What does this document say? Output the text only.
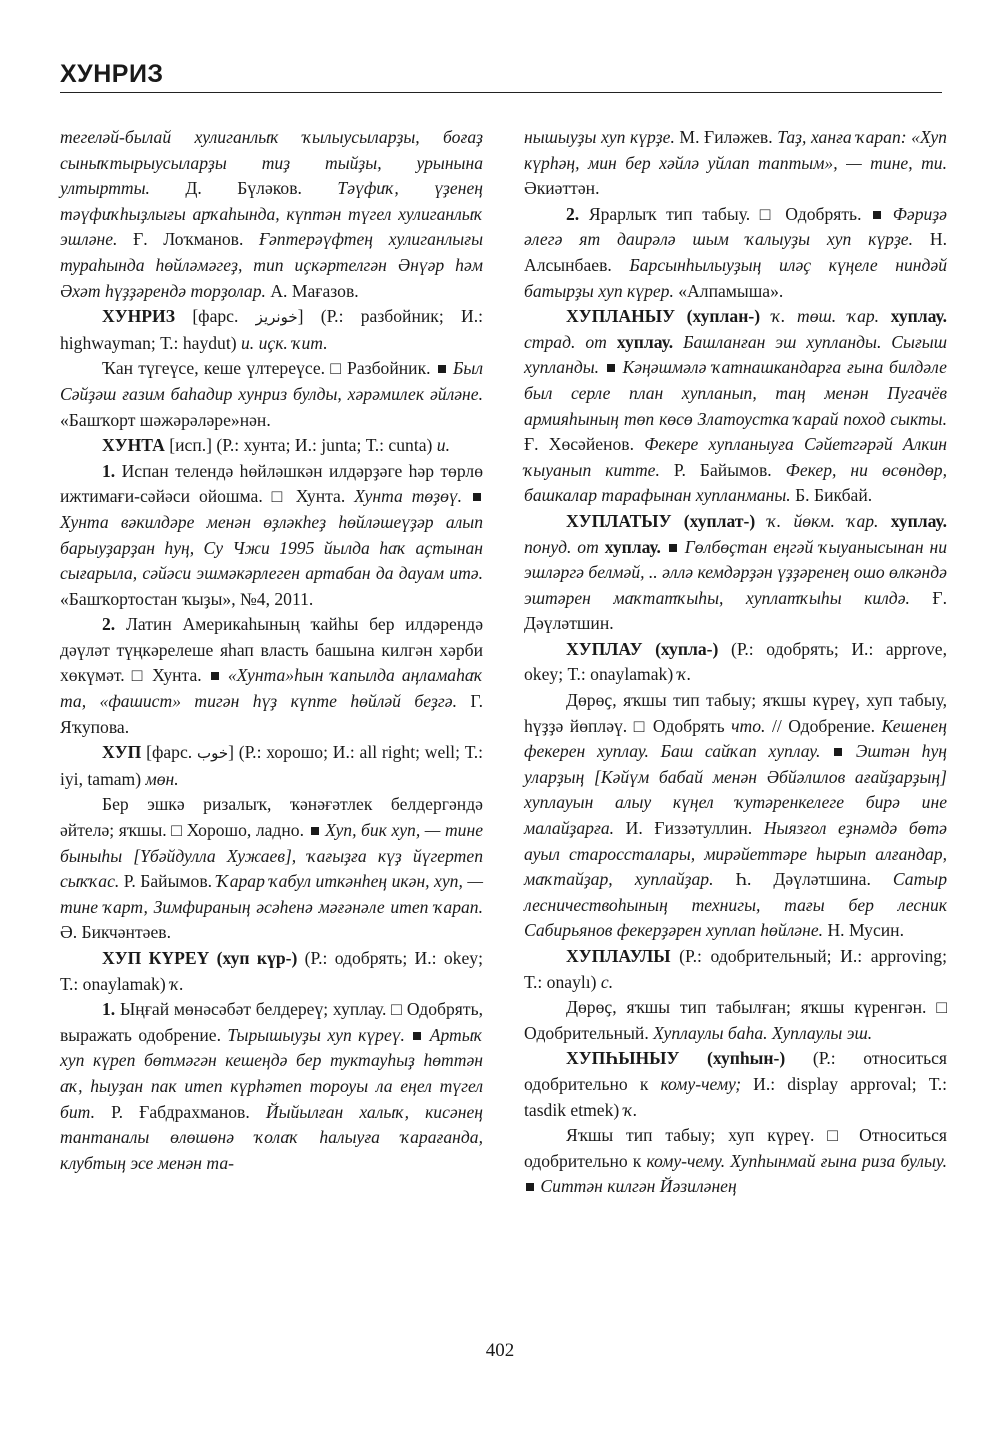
ХУНРИЗ

тегеләй-былай хулиганлыҡ ҡылыусыларҙы, боғаҙ сыныҡтырыусыларҙы тиҙ тыйҙы, урынына ултыртты. Д. Бүләков. Тәүфиҡ, үҙенең тәүфиҡһыҙлығы арҡаһында, күптән түгел хулиганлыҡ эшләне. Ғ. Лоҡманов. Ғәптерәүфтең хулиганлығы тураһында һөйләмәгеҙ, тип иҫкәртелгән Әнүәр һәм Әхәт һүҙҙәрендә торҙолар. А. Мағазов.

ХУНРИЗ [фарс. خونريز] (Р.: разбойник; И.: highwayman; Т.: haydut) и. иҫк. ҡит.

Ҡан түгеүсе, кеше үлтереүсе. □ Разбойник. Был Сәйҙәш ғазим баһадир хунриз булды, хәрәмилек әйләне. «Башҡорт шәжәрәләре»нән.

ХУНТА [исп.] (Р.: хунта; И.: junta; Т.: cunta) и.

1. Испан телендә һөйләшкән илдәрҙәге һәр төрлө ижтимағи-сәйәси ойошма. □ Хунта. Хунта төҙөү.  Хунта вәкилдәре менән өҙләкһеҙ һөйләшеүҙәр алып барыуҙарҙан һуң, Су Чжи 1995 йылда һаҡ аҫтынан сығарыла, сәйәси эшмәкәрлеген артабан да дауам итә. «Башҡортостан ҡыҙы», №4, 2011.

2. Латин Америкаһының ҡайһы бер илдәрендә дәүләт түңкәрелеше яһап власть башына килгән хәрби хөкүмәт. □ Хунта. «Хунта»һын ҡапылда аңламаһаҡ та, «фашист» тигән һүҙ күпте һөйләй беҙгә. Г. Яҡупова.

ХУП [фарс. خوب] (Р.: хорошо; И.: all right; well; Т.: iyi, tamam) мөн.

Бер эшкә ризалыҡ, ҡәнәғәтлек белдергәндә әйтелә; яҡшы. □ Хорошо, ладно. Хуп, бик хуп, — тине быныһы [Үбәйдулла Хужаев], ҡағыҙға күҙ йүгертеп сыҡҡас. Р. Байымов. Ҡарар ҡабул иткәнһең икән, хуп, — тине ҡарт, Зимфираның әсәһенә мәғәнәле итеп ҡарап. Ә. Бикчәнтәев.

ХУП КҮРЕҮ (хуп күр-) (Р.: одобрять; И.: okey; Т.: onaylamak) ҡ.

1. Ыңғай мөнәсәбәт белдереү; хуплау. □ Одобрять, выражать одобрение. Тырышыуҙы хуп күреү. Артыҡ хуп күреп бөтмәгән кешеңдә бер туктауһыҙ һөттән аҡ, һыуҙан пак итеп күрһәтеп тороуы ла еңел түгел бит. Р. Ғабдрахманов. Йыйылған халыҡ, кисәнең тантаналы өлөшөнә ҡолаҡ һалыуға ҡарағанда, клубтың эсе менән та-

нышыуҙы хуп күрҙе. М. Ғиләжев. Таҙ, ханға ҡарап: «Хуп күрһәң, мин бер хәйлә уйлап таптым», — тине, ти. Әкиәттән.

2. Ярарлыҡ тип табыу. □ Одобрять. Фәриҙә әлегә ят даирәлә шым ҡалыуҙы хуп күрҙе. Н. Алсынбаев. Барсынһылыуҙың иләҫ күңеле ниндәй батырҙы хуп күрер. «Алпамыша».

ХУПЛАНЫУ (хуплан-) ҡ. төш. ҡар. хуплау. страд. от хуплау. Башланған эш хупланды. Сығыш хупланды. Кәңәшмәлә ҡатнашкандарға ғына билдәле был серле план хупланып, таң менән Пугачёв армияһының төп көсө Златоустка ҡарай поход сыкты. Ғ. Хөсәйенов. Фекере хупланыуға Сәйетгәрәй Алкин ҡыуанып китте. Р. Байымов. Фекер, ни өсөндөр, башкалар тарафынан хупланманы. Б. Бикбай.

ХУПЛАТЫУ (хуплат-) ҡ. йөкм. ҡар. хуплау. понуд. от хуплау. Гөлбөҫтан еңгәй ҡыуанысынан ни эшләргә белмәй, .. әллә кемдәрҙән үҙҙәренең ошо өлкәндә эштәрен маҡтатҡыһы, хуплатҡыһы килдә. Ғ. Дәүләтшин.

ХУПЛАУ (хупла-) (Р.: одобрять; И.: approve, okey; Т.: onaylamak) ҡ.

Дөрөҫ, яҡшы тип табыу; яҡшы күреү, хуп табыу, һүҙҙә йөпләү. □ Одобрять что. // Одобрение. Кешенең фекерен хуплау. Баш сайҡап хуплау. Эштән һуң уларҙың [Кәйүм бабай менән Әбйәлилов ағайҙарҙың] хуплауын алыу күңел ҡутәренкелеге бирә ине малайҙарға. И. Ғиззәтуллин. Ныязғол еҙнәмдә бөтә ауыл староссталары, мирәйеттәре һырып алғандар, маҡтайҙар, хуплайҙар. Һ. Дәүләтшина. Сатыр лесничествоһының технигы, тағы бер лесник Сабирьянов фекерҙәрен хуплап һөйләне. Н. Мусин.

ХУПЛАУЛЫ (Р.: одобрительный; И.: approving; Т.: onaylı) с.

Дөрөҫ, яҡшы тип табылған; яҡшы күренгән. □ Одобрительный. Хуплаулы баһа. Хуплаулы эш.

ХУПҺЫНЫУ (хупһын-) (Р.: относиться одобрительно к кому-чему; И.: display approval; Т.: tasdik etmek) ҡ.

Яҡшы тип табыу; хуп күреү. □ Относиться одобрительно к кому-чему. Хупһынмай ғына риза булыу.  Ситтән килгән Йәзиләнең

402
